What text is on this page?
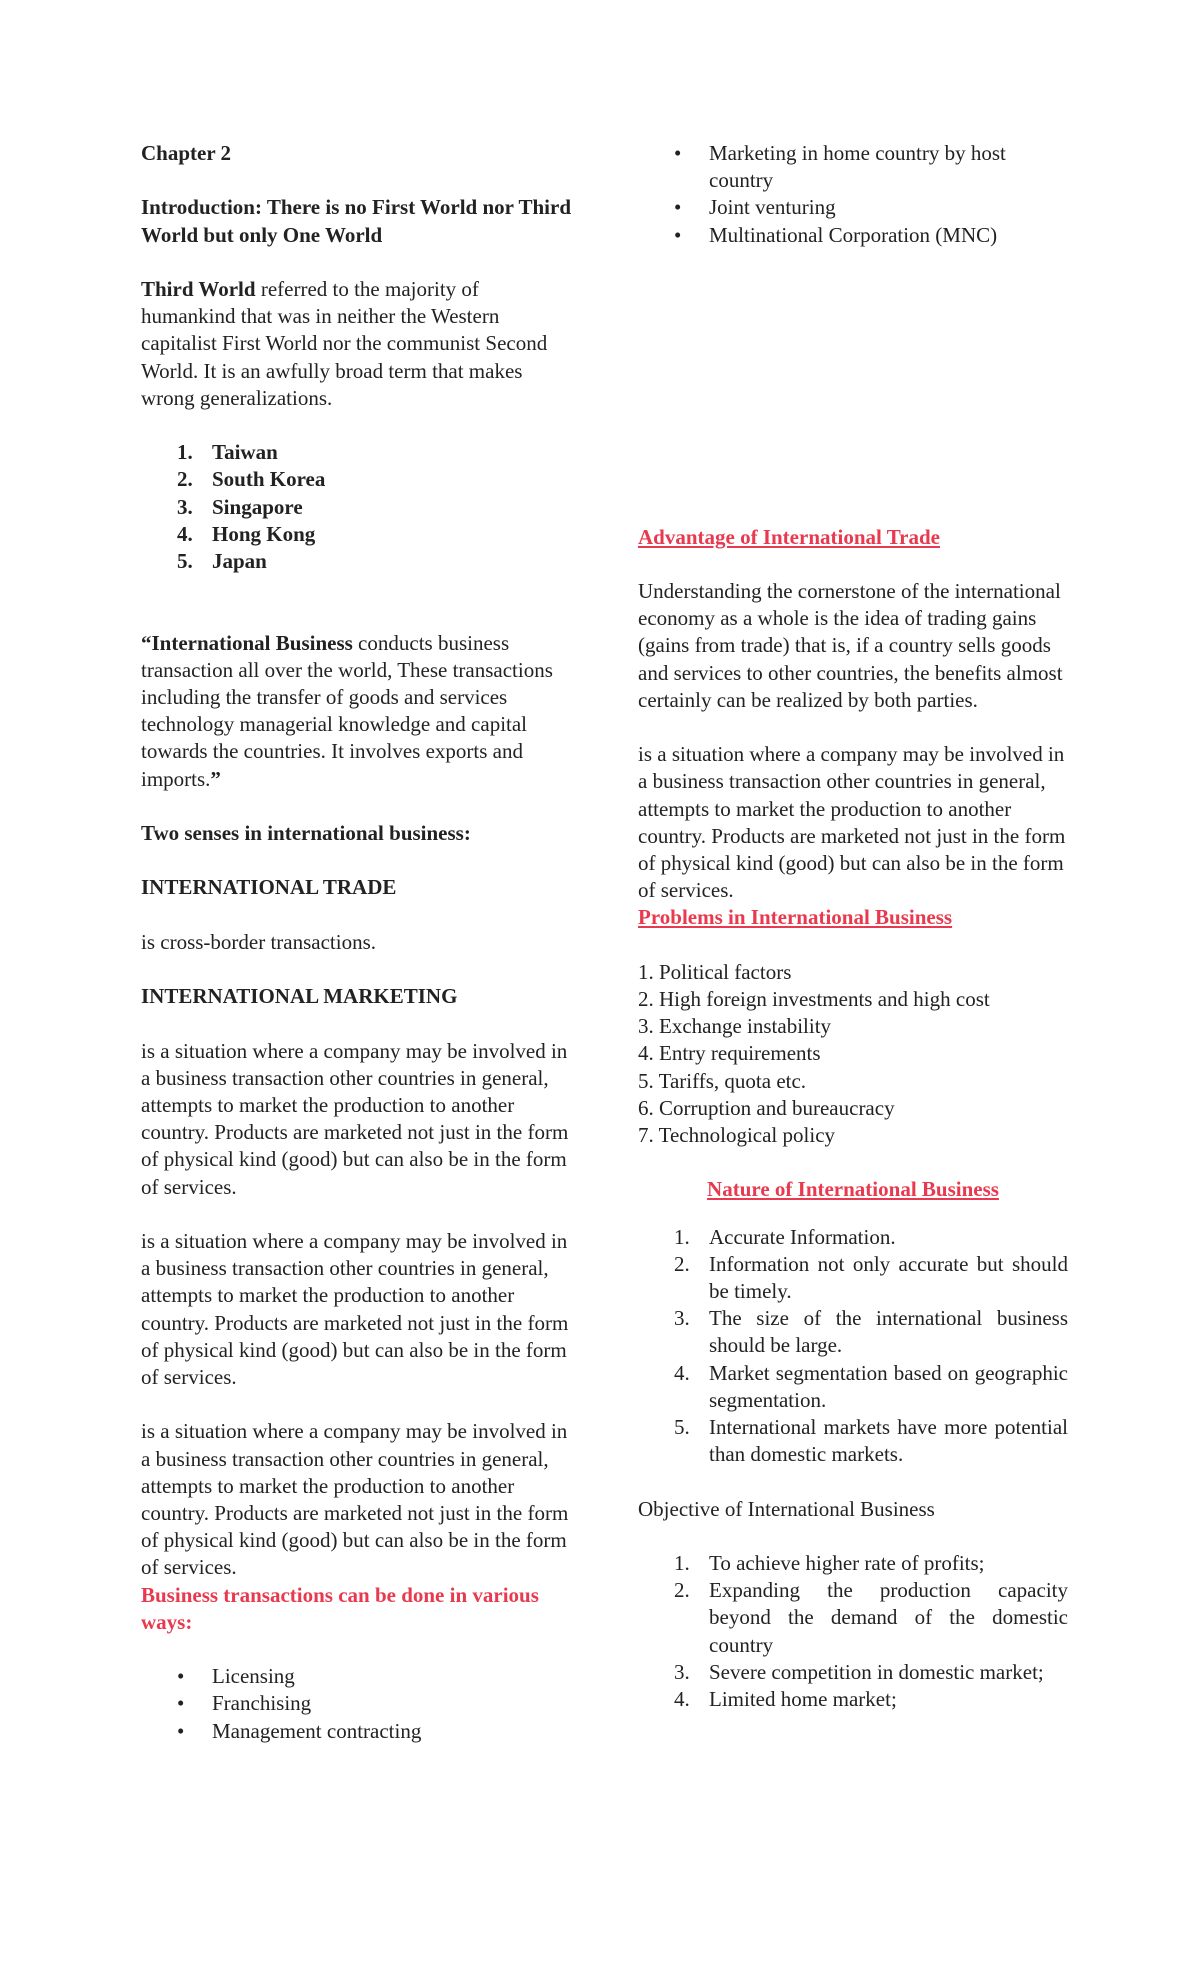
Chapter 2

Introduction: There is no First World nor Third World but only One World

Third World referred to the majority of humankind that was in neither the Western capitalist First World nor the communist Second World. It is an awfully broad term that makes wrong generalizations.

1. Taiwan
2. South Korea
3. Singapore
4. Hong Kong
5. Japan

“International Business conducts business transaction all over the world, These transactions including the transfer of goods and services technology managerial knowledge and capital towards the countries. It involves exports and imports.”

Two senses in international business:

INTERNATIONAL TRADE

is cross-border transactions.

INTERNATIONAL MARKETING

is a situation where a company may be involved in a business transaction other countries in general, attempts to market the production to another country. Products are marketed not just in the form of physical kind (good) but can also be in the form of services.

is a situation where a company may be involved in a business transaction other countries in general, attempts to market the production to another country. Products are marketed not just in the form of physical kind (good) but can also be in the form of services.

is a situation where a company may be involved in a business transaction other countries in general, attempts to market the production to another country. Products are marketed not just in the form of physical kind (good) but can also be in the form of services.

Business transactions can be done in various ways:

• Licensing
• Franchising
• Management contracting
• Marketing in home country by host country
• Joint venturing
• Multinational Corporation (MNC)

Advantage of International Trade

Understanding the cornerstone of the international economy as a whole is the idea of trading gains (gains from trade) that is, if a country sells goods and services to other countries, the benefits almost certainly can be realized by both parties.

is a situation where a company may be involved in a business transaction other countries in general, attempts to market the production to another country. Products are marketed not just in the form of physical kind (good) but can also be in the form of services.

Problems in International Business

1. Political factors
2. High foreign investments and high cost
3. Exchange instability
4. Entry requirements
5. Tariffs, quota etc.
6. Corruption and bureaucracy
7. Technological policy

Nature of International Business

1. Accurate Information.
2. Information not only accurate but should be timely.
3. The size of the international business should be large.
4. Market segmentation based on geographic segmentation.
5. International markets have more potential than domestic markets.

Objective of International Business

1. To achieve higher rate of profits;
2. Expanding the production capacity beyond the demand of the domestic country
3. Severe competition in domestic market;
4. Limited home market;
